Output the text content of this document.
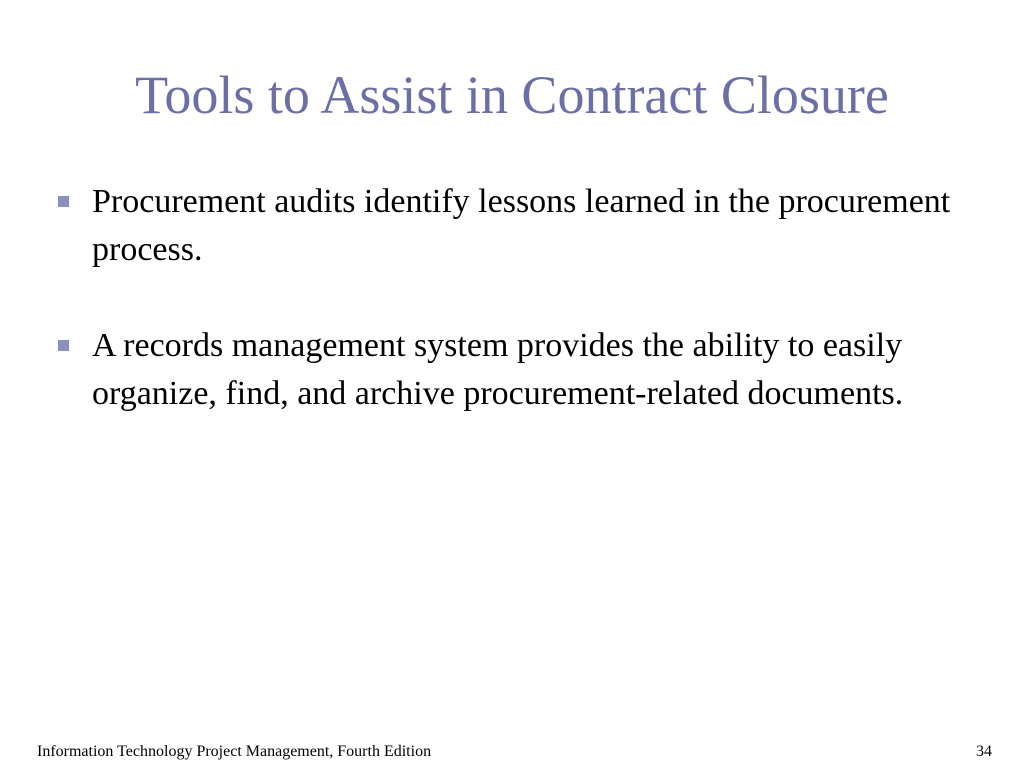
Tools to Assist in Contract Closure
Procurement audits identify lessons learned in the procurement process.
A records management system provides the ability to easily organize, find, and archive procurement-related documents.
Information Technology Project Management, Fourth Edition	34
